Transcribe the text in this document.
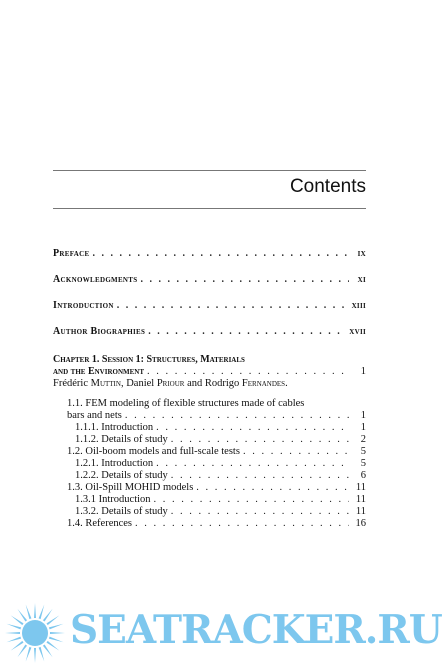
Contents
Preface . . .	ix
Acknowledgments . . .	xi
Introduction . . .	xiii
Author Biographies . . .	xvii
Chapter 1. Session 1: Structures, Materials
and the Environment . . .	1
Frédéric Muttin, Daniel Priour and Rodrigo Fernandes.
1.1. FEM modeling of flexible structures made of cables
bars and nets . . .	1
1.1.1. Introduction . . .	1
1.1.2. Details of study . . .	2
1.2. Oil-boom models and full-scale tests . . .	5
1.2.1. Introduction . . .	5
1.2.2. Details of study . . .	6
1.3. Oil-Spill MOHID models . . .	11
1.3.1 Introduction . . .	11
1.3.2. Details of study . . .	11
1.4. References . . .	16
SEATRACKER.RU
